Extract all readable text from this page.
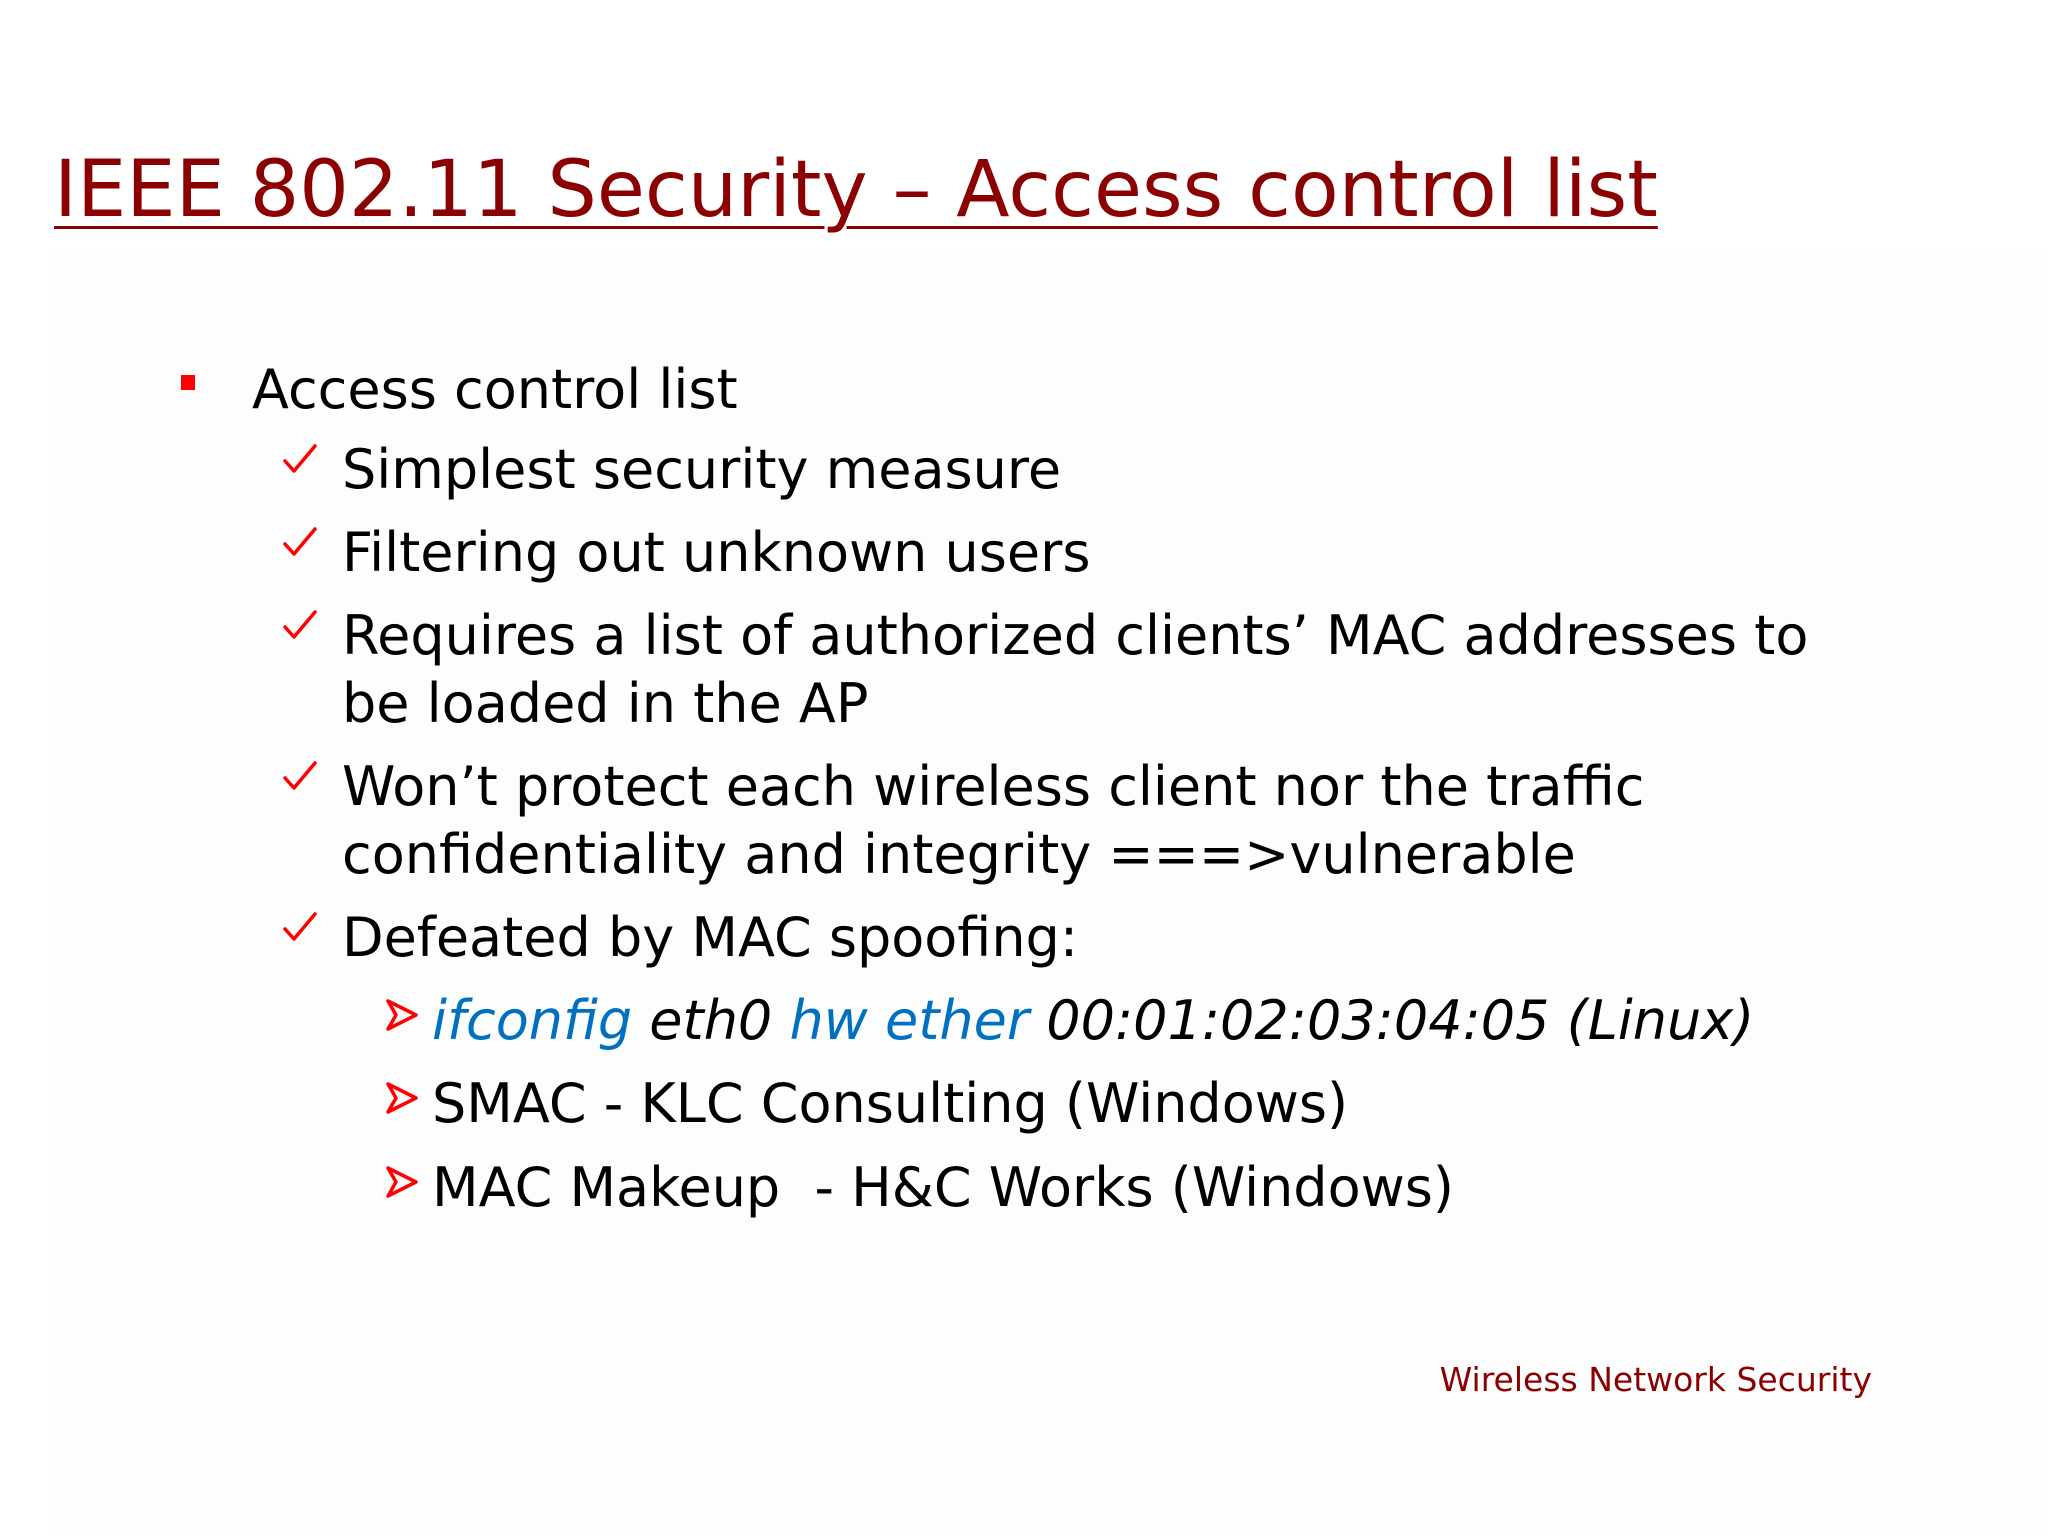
IEEE 802.11 Security – Access control list
Access control list
Simplest security measure
Filtering out unknown users
Requires a list of authorized clients’ MAC addresses to
be loaded in the AP
Won’t protect each wireless client nor the traffic
confidentiality and integrity ===>vulnerable
Defeated by MAC spoofing:
ifconfig eth0 hw ether 00:01:02:03:04:05 (Linux)
SMAC - KLC Consulting (Windows)
MAC Makeup  - H&C Works (Windows)
Wireless Network Security
